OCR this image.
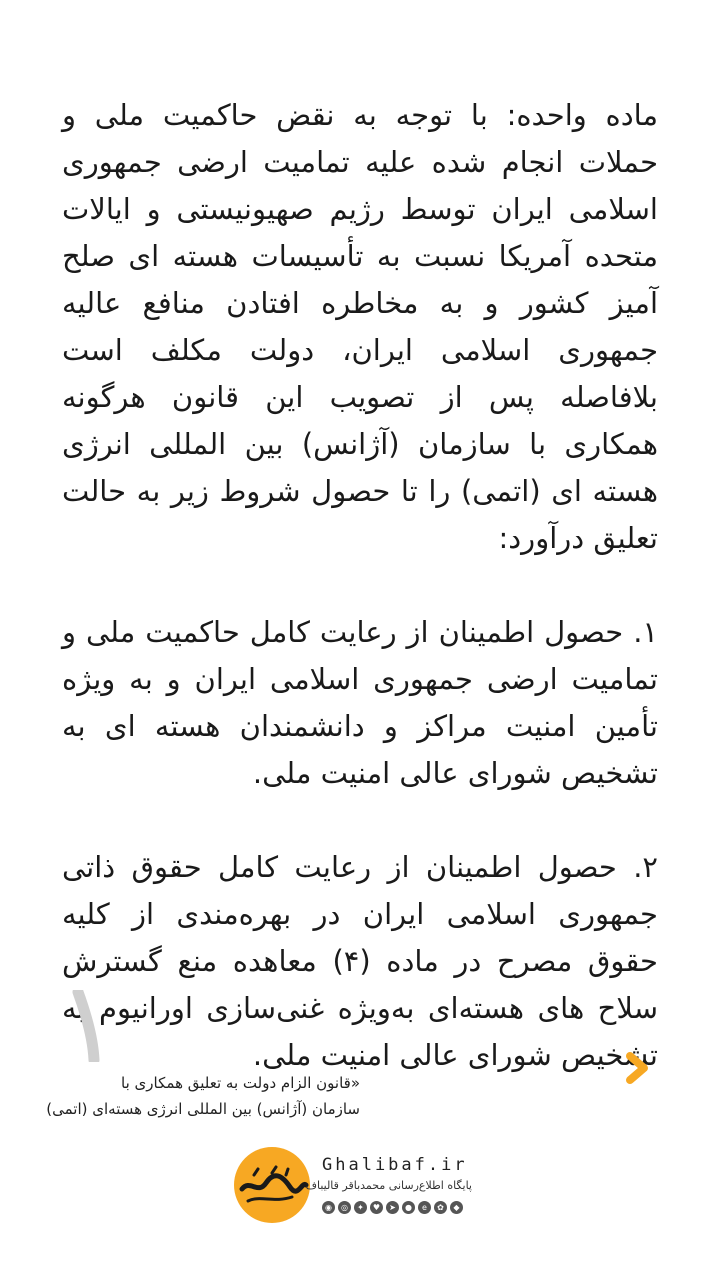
ماده واحده: با توجه به نقض حاکمیت ملی و حملات انجام شده علیه تمامیت ارضی جمهوری اسلامی ایران توسط رژیم صهیونیستی و ایالات متحده آمریکا نسبت به تأسیسات هسته ای صلح آمیز کشور و به مخاطره افتادن منافع عالیه جمهوری اسلامی ایران، دولت مکلف است بلافاصله پس از تصویب این قانون هرگونه همکاری با سازمان (آژانس) بین المللی انرژی هسته ای (اتمی) را تا حصول شروط زیر به حالت تعلیق درآورد:

۱. حصول اطمینان از رعایت کامل حاکمیت ملی و تمامیت ارضی جمهوری اسلامی ایران و به ویژه تأمین امنیت مراکز و دانشمندان هسته ای به تشخیص شورای عالی امنیت ملی.

۲. حصول اطمینان از رعایت کامل حقوق ذاتی جمهوری اسلامی ایران در بهره‌مندی از کلیه حقوق مصرح در ماده (۴) معاهده منع گسترش سلاح های هسته‌ای به‌ویژه غنی‌سازی اورانیوم به تشخیص شورای عالی امنیت ملی.

1
«قانون الزام دولت به تعلیق همکاری با
سازمان (آژانس) بین المللی انرژی هسته‌ای (اتمی)
Ghalibaf.ir
پایگاه اطلاع‌رسانی محمدباقر قالیباف
◉	◎	✦	♥	➤	●	e	✿	◆
